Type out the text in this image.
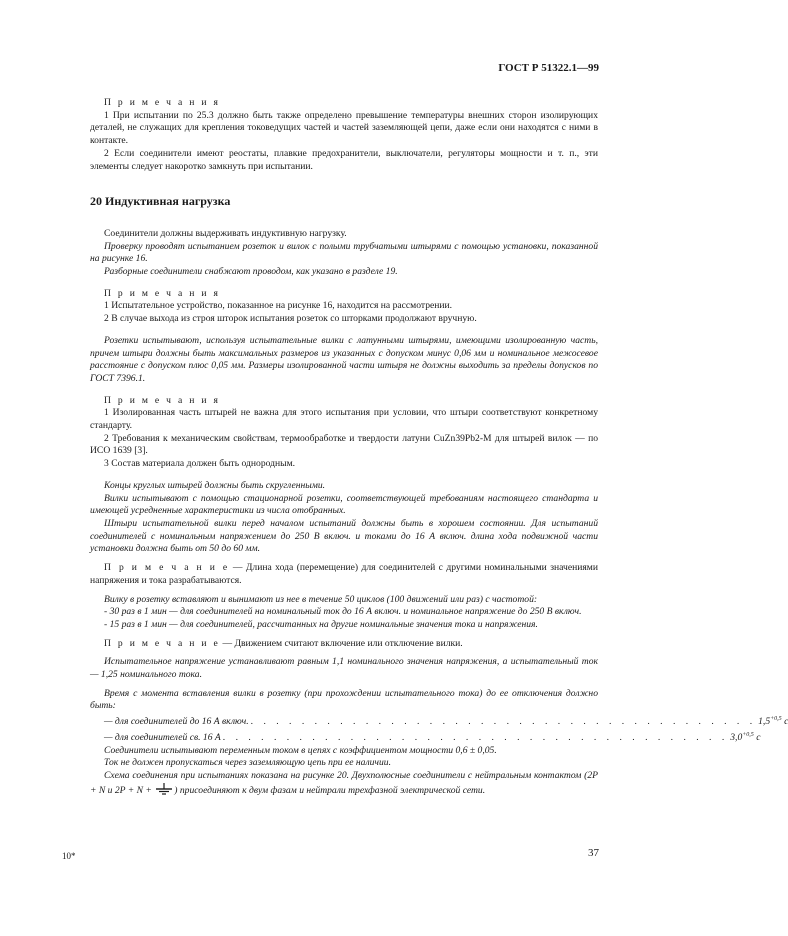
ГОСТ Р 51322.1—99

П р и м е ч а н и я

1 При испытании по 25.3 должно быть также определено превышение температуры внешних сторон изолирующих деталей, не служащих для крепления токоведущих частей и частей заземляющей цепи, даже если они находятся с ними в контакте.

2 Если соединители имеют реостаты, плавкие предохранители, выключатели, регуляторы мощности и т. п., эти элементы следует накоротко замкнуть при испытании.

20 Индуктивная нагрузка

Соединители должны выдерживать индуктивную нагрузку.

Проверку проводят испытанием розеток и вилок с полыми трубчатыми штырями с помощью установки, показанной на рисунке 16.

Разборные соединители снабжают проводом, как указано в разделе 19.

П р и м е ч а н и я

1 Испытательное устройство, показанное на рисунке 16, находится на рассмотрении.

2 В случае выхода из строя шторок испытания розеток со шторками продолжают вручную.

Розетки испытывают, используя испытательные вилки с латунными штырями, имеющими изолированную часть, причем штыри должны быть максимальных размеров из указанных с допуском минус 0,06 мм и номинальное межосевое расстояние с допуском плюс 0,05 мм. Размеры изолированной части штыря не должны выходить за пределы допусков по ГОСТ 7396.1.

П р и м е ч а н и я

1 Изолированная часть штырей не важна для этого испытания при условии, что штыри соответствуют конкретному стандарту.

2 Требования к механическим свойствам, термообработке и твердости латуни CuZn39Pb2-M для штырей вилок — по ИСО 1639 [3].

3 Состав материала должен быть однородным.

Концы круглых штырей должны быть скругленными.

Вилки испытывают с помощью стационарной розетки, соответствующей требованиям настоящего стандарта и имеющей усредненные характеристики из числа отобранных.

Штыри испытательной вилки перед началом испытаний должны быть в хорошем состоянии. Для испытаний соединителей с номинальным напряжением до 250 В включ. и токами до 16 А включ. длина хода подвижной части установки должна быть от 50 до 60 мм.

П р и м е ч а н и е — Длина хода (перемещение) для соединителей с другими номинальными значениями напряжения и тока разрабатываются.

Вилку в розетку вставляют и вынимают из нее в течение 50 циклов (100 движений или раз) с частотой:

- 30 раз в 1 мин — для соединителей на номинальный ток до 16 А включ. и номинальное напряжение до 250 В включ.

- 15 раз в 1 мин — для соединителей, рассчитанных на другие номинальные значения тока и напряжения.

П р и м е ч а н и е — Движением считают включение или отключение вилки.

Испытательное напряжение устанавливают равным 1,1 номинального значения напряжения, а испытательный ток — 1,25 номинального тока.

Время с момента вставления вилки в розетку (при прохождении испытательного тока) до ее отключения должно быть:

— для соединителей до 16 А включ. . . . . . . . . . . . . . . . . . . . . . . . . . . . . . . . . . . . . . . . . $1,5^{+0,5}$ с
— для соединителей св. 16 А . . . . . . . . . . . . . . . . . . . . . . . . . . . . . . . . . . . . . . . . $3,0^{+0,5}$ с

Соединители испытывают переменным током в цепях с коэффициентом мощности 0,6 ± 0,05.

Ток не должен пропускаться через заземляющую цепь при ее наличии.

Схема соединения при испытаниях показана на рисунке 20. Двухполюсные соединители с нейтральным контактом (2P + N и 2P + N + ) присоединяют к двум фазам и нейтрали трехфазной электрической сети.

10*	37
